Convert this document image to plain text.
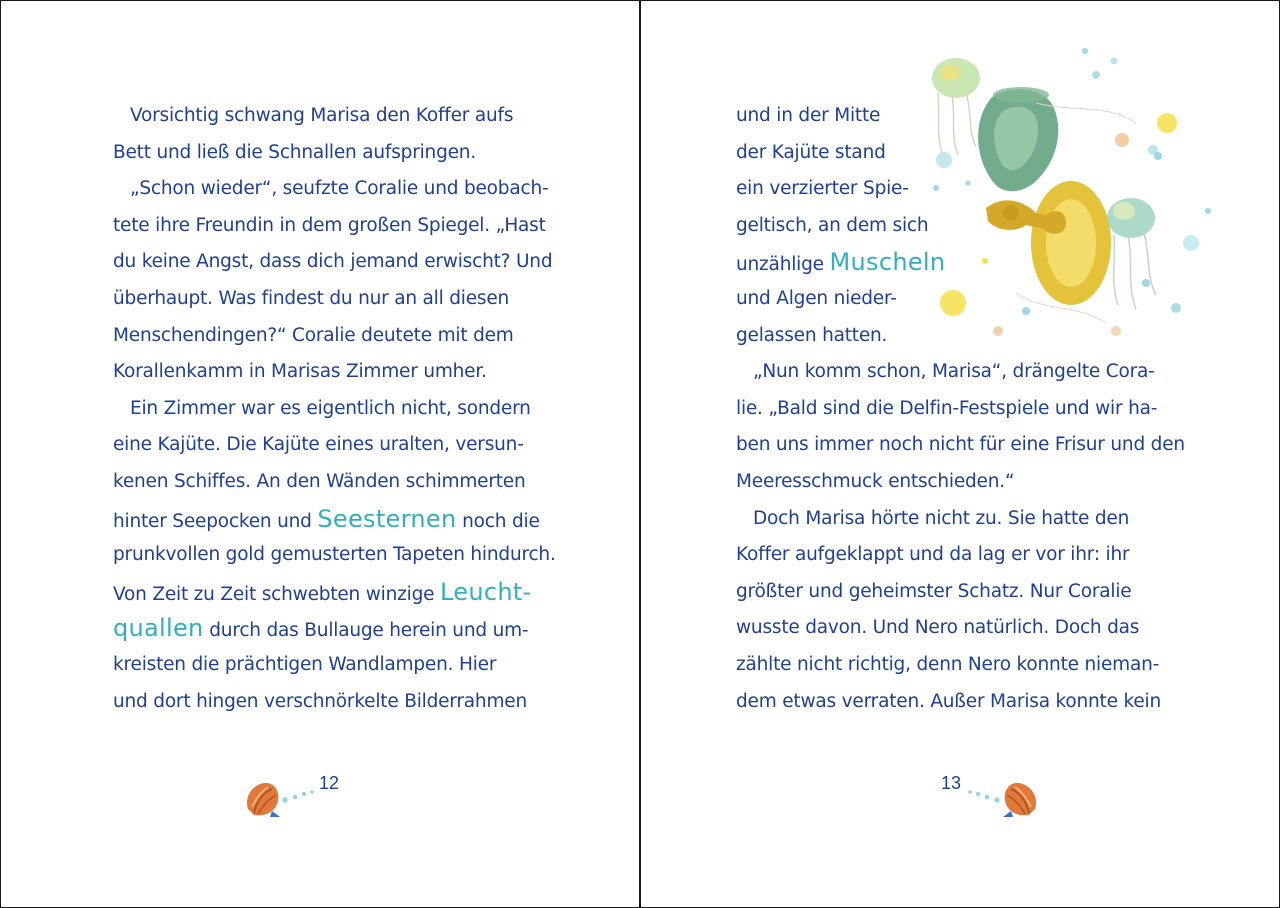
Vorsichtig schwang Marisa den Koffer aufs
Bett und ließ die Schnallen aufspringen.
„Schon wieder“, seufzte Coralie und beobach-
tete ihre Freundin in dem großen Spiegel. „Hast
du keine Angst, dass dich jemand erwischt? Und
überhaupt. Was findest du nur an all diesen
Menschendingen?“ Coralie deutete mit dem
Korallenkamm in Marisas Zimmer umher.
Ein Zimmer war es eigentlich nicht, sondern
eine Kajüte. Die Kajüte eines uralten, versun-
kenen Schiffes. An den Wänden schimmerten
hinter Seepocken und Seesternen noch die
prunkvollen gold gemusterten Tapeten hindurch.
Von Zeit zu Zeit schwebten winzige Leucht-
quallen durch das Bullauge herein und um-
kreisten die prächtigen Wandlampen. Hier
und dort hingen verschnörkelte Bilderrahmen
12
und in der Mitte
der Kajüte stand
ein verzierter Spie-
geltisch, an dem sich
unzählige Muscheln
und Algen nieder-
gelassen hatten.
„Nun komm schon, Marisa“, drängelte Cora-
lie. „Bald sind die Delfin-Festspiele und wir ha-
ben uns immer noch nicht für eine Frisur und den
Meeresschmuck entschieden.“
Doch Marisa hörte nicht zu. Sie hatte den
Koffer aufgeklappt und da lag er vor ihr: ihr
größter und geheimster Schatz. Nur Coralie
wusste davon. Und Nero natürlich. Doch das
zählte nicht richtig, denn Nero konnte nieman-
dem etwas verraten. Außer Marisa konnte kein
13
